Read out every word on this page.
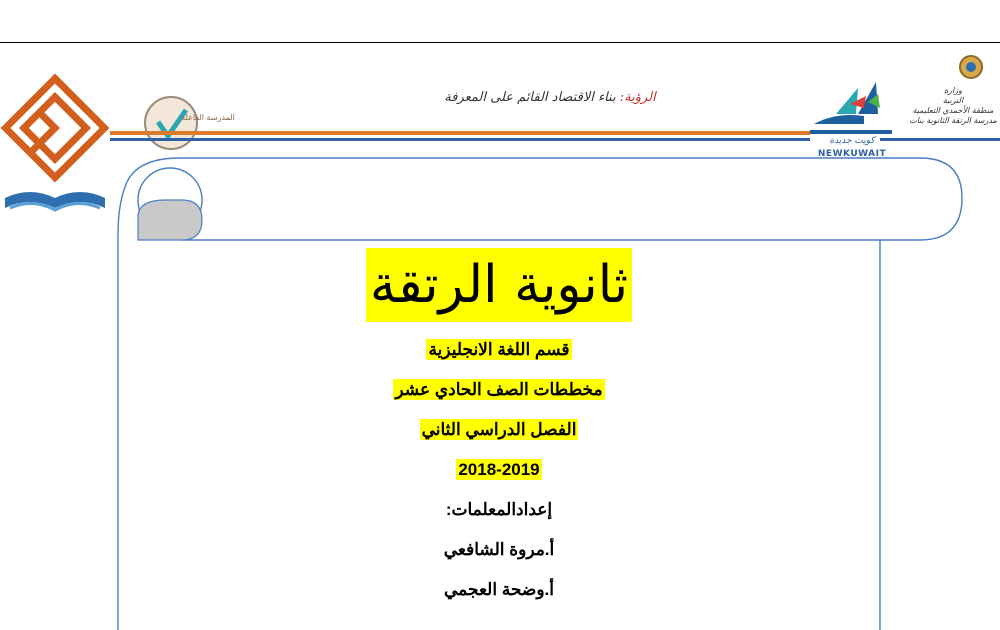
المدرسة الفاعلة
الرؤية: بناء الاقتصاد القائم على المعرفة
كويت جديدة
NEWKUWAIT
وزارة
التربية
منطقة الأحمدي التعليمية
مدرسة الرتقة الثانوية بنات
ثانوية الرتقة
قسم اللغة الانجليزية
مخططات الصف الحادي عشر
الفصل الدراسي الثاني
2018-2019
إعدادالمعلمات:
أ.مروة الشافعي
أ.وضحة العجمي
